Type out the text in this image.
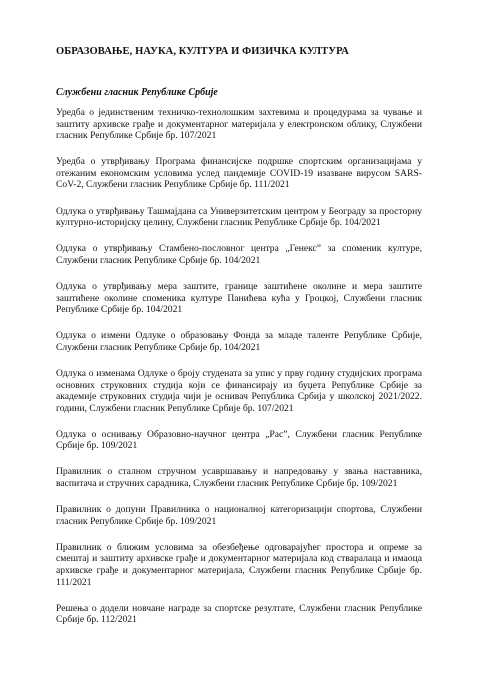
ОБРАЗОВАЊЕ, НАУКА, КУЛТУРА И ФИЗИЧКА КУЛТУРА
Службени гласник Републике Србије
Уредба о јединственим техничко-технолошким захтевима и процедурама за чување и заштиту архивске грађе и документарног материјала у електронском облику, Службени гласник Републике Србије бр. 107/2021
Уредба о утврђивању Програма финансијске подршке спортским организацијама у отежаним економским условима услед пандемије COVID-19 изазване вирусом SARS-CoV-2, Службени гласник Републике Србије бр. 111/2021
Одлука о утврђивању Ташмајдана са Универзитетским центром у Београду за просторну културно-историјску целину, Службени гласник Републике Србије бр. 104/2021
Одлука о утврђивању Стамбено-пословног центра „Генекс” за споменик културе, Службени гласник Републике Србије бр. 104/2021
Одлука о утврђивању мера заштите, границе заштићене околине и мера заштите заштићене околине споменика културе Панићева кућа у Гроцкој, Службени гласник Републике Србије бр. 104/2021
Одлука о измени Одлуке о образовању Фонда за младе таленте Републике Србије, Службени гласник Републике Србије бр. 104/2021
Одлука о изменама Одлуке о броју студената за упис у прву годину студијских програма основних струковних студија који се финансирају из буџета Републике Србије за академије струковних студија чији је оснивач Република Србија у школској 2021/2022. години, Службени гласник Републике Србије бр. 107/2021
Одлука о оснивању Образовно-научног центра „Рас”, Службени гласник Републике Србије бр. 109/2021
Правилник о сталном стручном усавршавању и напредовању у звања наставника, васпитача и стручних сарадника, Службени гласник Републике Србије бр. 109/2021
Правилник о допуни Правилника о националној категоризацији спортова, Службени гласник Републике Србије бр. 109/2021
Правилник о ближим условима за обезбеђење одговарајућег простора и опреме за смештај и заштиту архивске грађе и документарног материјала код стваралаца и имаоца архивске грађе и документарног материјала, Службени гласник Републике Србије бр. 111/2021
Решења о додели новчане награде за спортске резултате, Службени гласник Републике Србије бр. 112/2021
